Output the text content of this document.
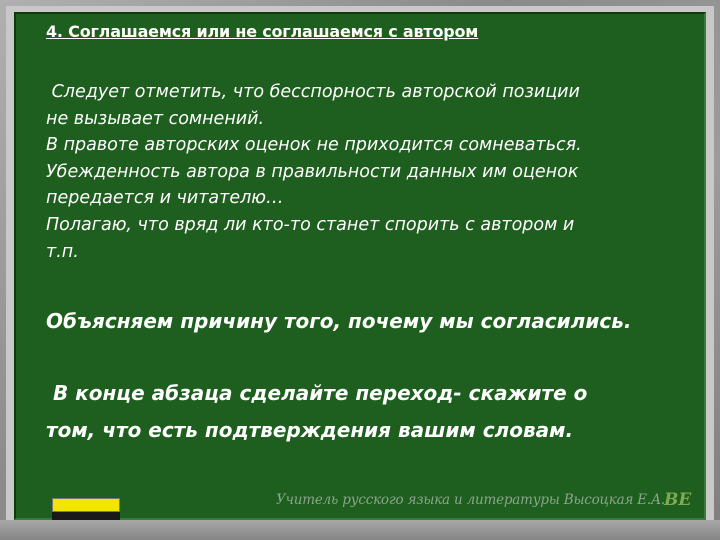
4. Соглашаемся или не соглашаемся с автором
Следует отметить, что бесспорность авторской позиции
не вызывает сомнений.
В правоте авторских оценок не приходится сомневаться.
Убежденность автора в правильности данных им оценок
передается и читателю…
Полагаю, что вряд ли кто-то станет спорить с автором и
т.п.
Объясняем причину того, почему мы согласились.
В конце абзаца сделайте переход- скажите о
том, что есть подтверждения вашим словам.
Учитель русского языка и литературы Высоцкая Е.А.
ВЕ
